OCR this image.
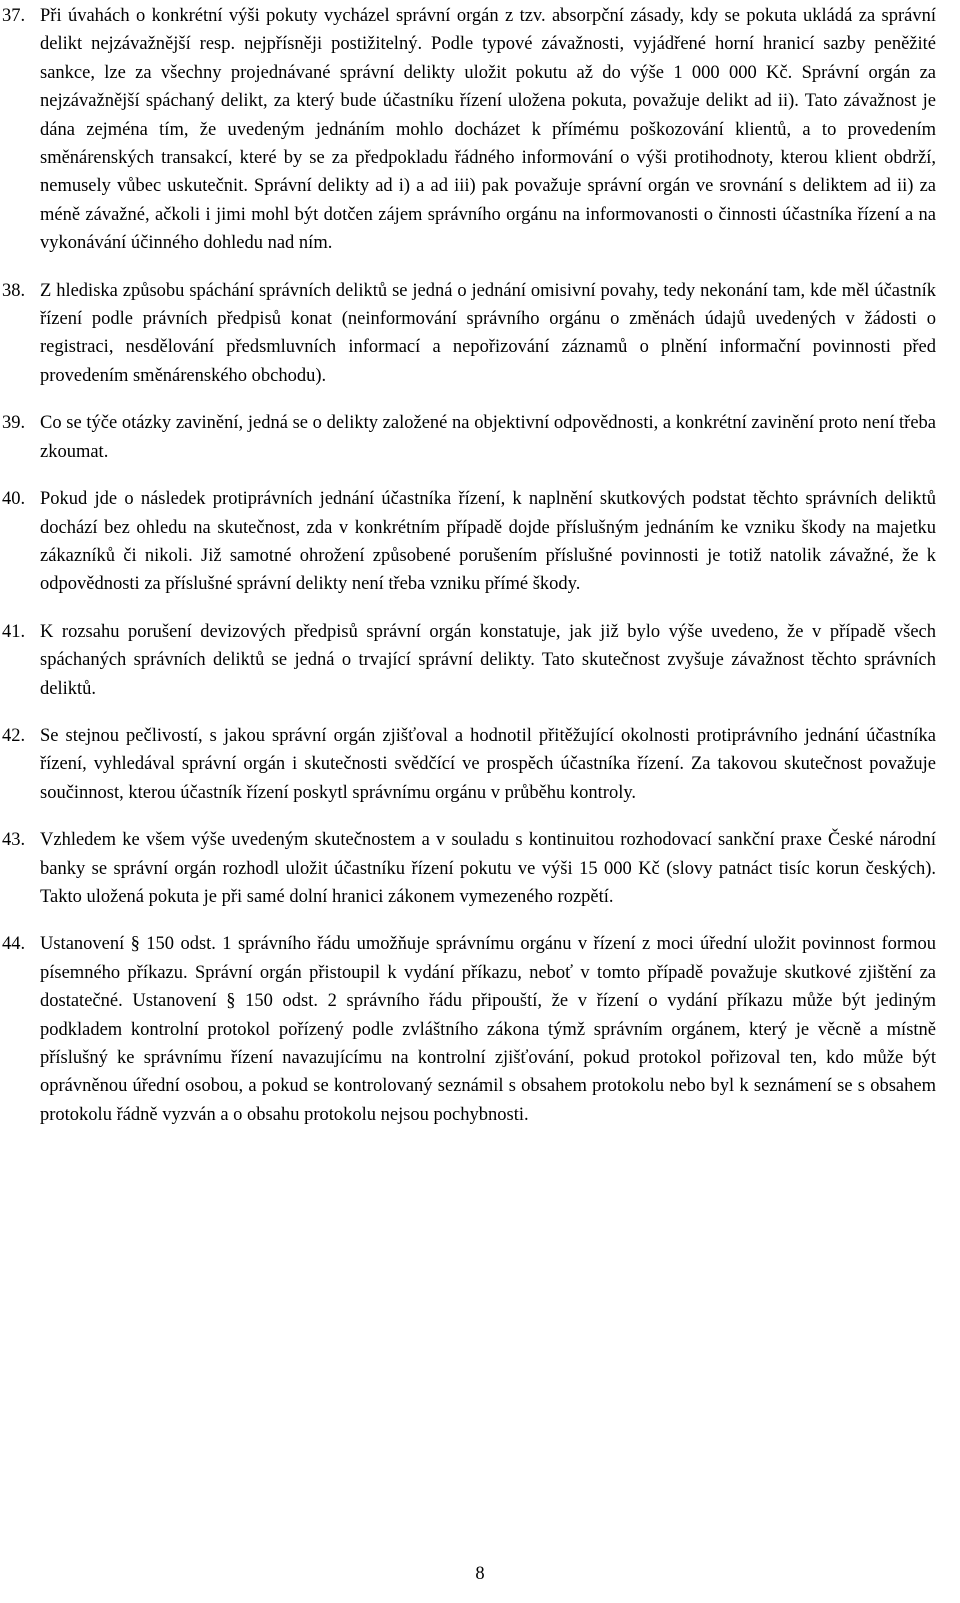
37. Při úvahách o konkrétní výši pokuty vycházel správní orgán z tzv. absorpční zásady, kdy se pokuta ukládá za správní delikt nejzávažnější resp. nejpřísněji postižitelný. Podle typové závažnosti, vyjádřené horní hranicí sazby peněžité sankce, lze za všechny projednávané správní delikty uložit pokutu až do výše 1 000 000 Kč. Správní orgán za nejzávažnější spáchaný delikt, za který bude účastníku řízení uložena pokuta, považuje delikt ad ii). Tato závažnost je dána zejména tím, že uvedeným jednáním mohlo docházet k přímému poškozování klientů, a to provedením směnárenských transakcí, které by se za předpokladu řádného informování o výši protihodnoty, kterou klient obdrží, nemusely vůbec uskutečnit. Správní delikty ad i) a ad iii) pak považuje správní orgán ve srovnání s deliktem ad ii) za méně závažné, ačkoli i jimi mohl být dotčen zájem správního orgánu na informovanosti o činnosti účastníka řízení a na vykonávání účinného dohledu nad ním.
38. Z hlediska způsobu spáchání správních deliktů se jedná o jednání omisivní povahy, tedy nekonání tam, kde měl účastník řízení podle právních předpisů konat (neinformování správního orgánu o změnách údajů uvedených v žádosti o registraci, nesdělování předsmluvních informací a nepořizování záznamů o plnění informační povinnosti před provedením směnárenského obchodu).
39. Co se týče otázky zavinění, jedná se o delikty založené na objektivní odpovědnosti, a konkrétní zavinění proto není třeba zkoumat.
40. Pokud jde o následek protiprávních jednání účastníka řízení, k naplnění skutkových podstat těchto správních deliktů dochází bez ohledu na skutečnost, zda v konkrétním případě dojde příslušným jednáním ke vzniku škody na majetku zákazníků či nikoli. Již samotné ohrožení způsobené porušením příslušné povinnosti je totiž natolik závažné, že k odpovědnosti za příslušné správní delikty není třeba vzniku přímé škody.
41. K rozsahu porušení devizových předpisů správní orgán konstatuje, jak již bylo výše uvedeno, že v případě všech spáchaných správních deliktů se jedná o trvající správní delikty. Tato skutečnost zvyšuje závažnost těchto správních deliktů.
42. Se stejnou pečlivostí, s jakou správní orgán zjišťoval a hodnotil přitěžující okolnosti protiprávního jednání účastníka řízení, vyhledával správní orgán i skutečnosti svědčící ve prospěch účastníka řízení. Za takovou skutečnost považuje součinnost, kterou účastník řízení poskytl správnímu orgánu v průběhu kontroly.
43. Vzhledem ke všem výše uvedeným skutečnostem a v souladu s kontinuitou rozhodovací sankční praxe České národní banky se správní orgán rozhodl uložit účastníku řízení pokutu ve výši 15 000 Kč (slovy patnáct tisíc korun českých). Takto uložená pokuta je při samé dolní hranici zákonem vymezeného rozpětí.
44. Ustanovení § 150 odst. 1 správního řádu umožňuje správnímu orgánu v řízení z moci úřední uložit povinnost formou písemného příkazu. Správní orgán přistoupil k vydání příkazu, neboť v tomto případě považuje skutkové zjištění za dostatečné. Ustanovení § 150 odst. 2 správního řádu připouští, že v řízení o vydání příkazu může být jediným podkladem kontrolní protokol pořízený podle zvláštního zákona týmž správním orgánem, který je věcně a místně příslušný ke správnímu řízení navazujícímu na kontrolní zjišťování, pokud protokol pořizoval ten, kdo může být oprávněnou úřední osobou, a pokud se kontrolovaný seznámil s obsahem protokolu nebo byl k seznámení se s obsahem protokolu řádně vyzván a o obsahu protokolu nejsou pochybnosti.
8
